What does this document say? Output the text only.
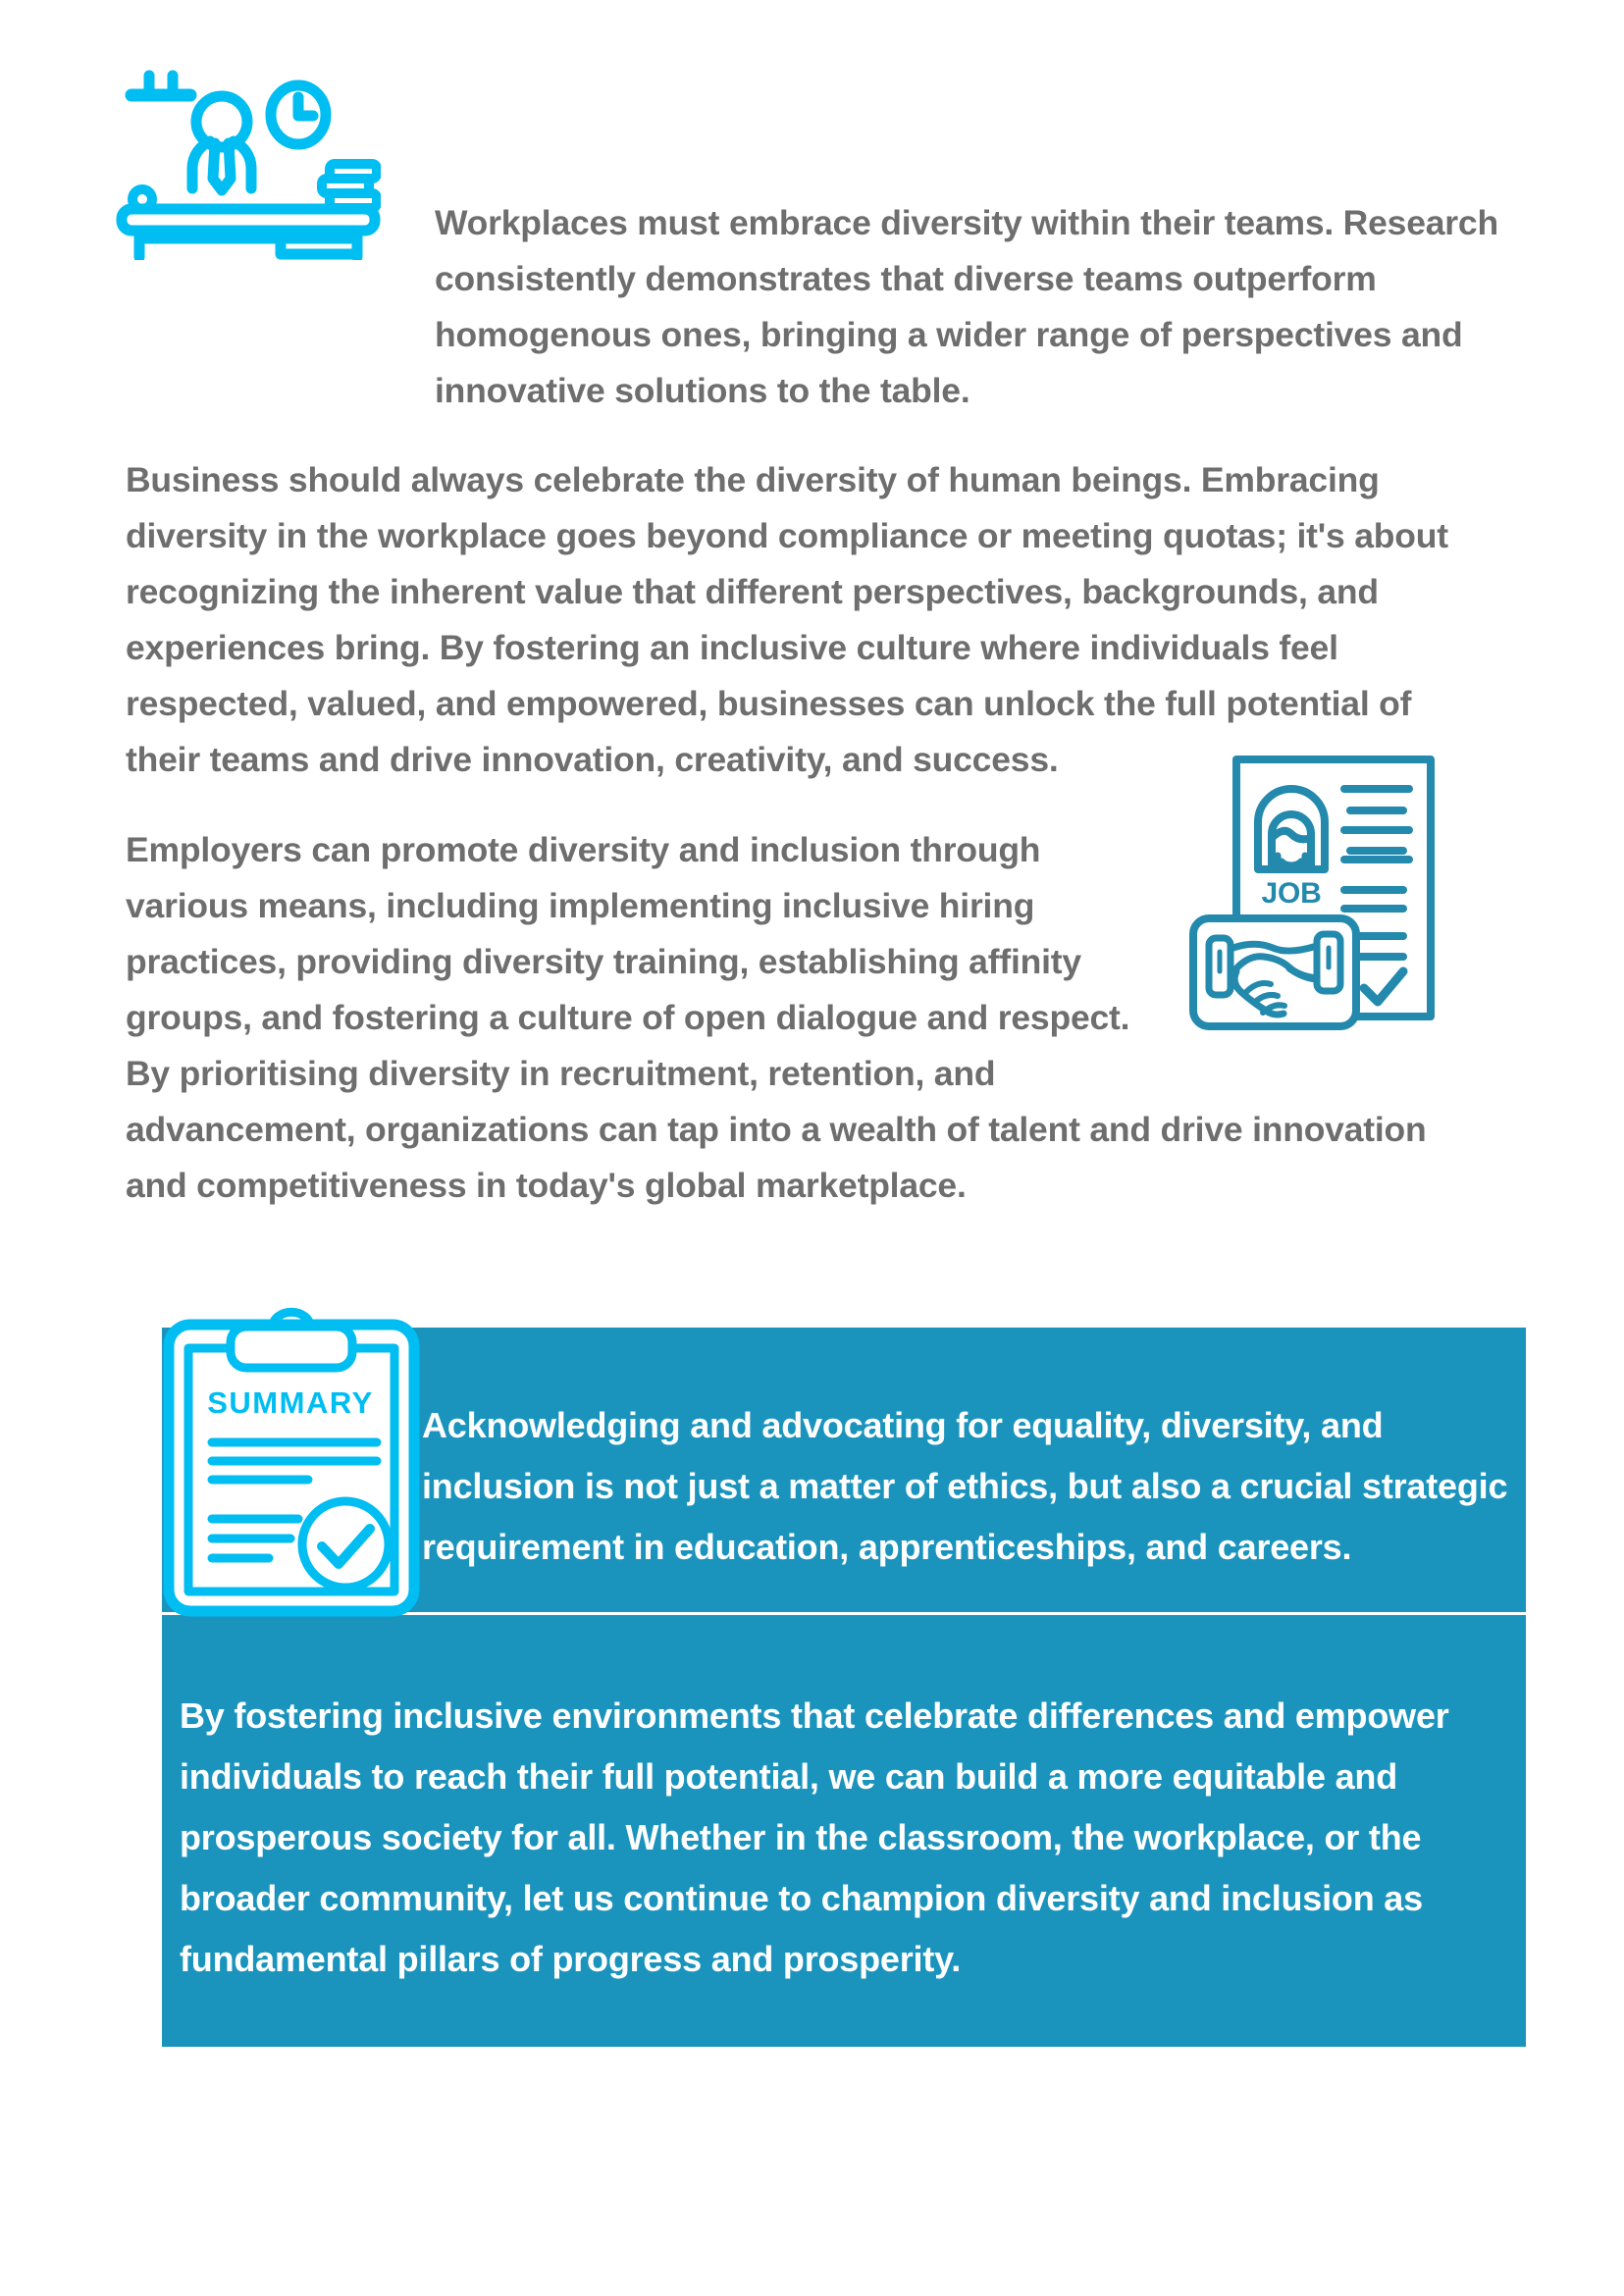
Workplaces must embrace diversity within their teams. Research consistently demonstrates that diverse teams outperform homogenous ones, bringing a wider range of perspectives and innovative solutions to the table.

Business should always celebrate the diversity of human beings. Embracing diversity in the workplace goes beyond compliance or meeting quotas; it's about recognizing the inherent value that different perspectives, backgrounds, and experiences bring. By fostering an inclusive culture where individuals feel respected, valued, and empowered, businesses can unlock the full potential of their teams and drive innovation, creativity, and success.

JOB
Employers can promote diversity and inclusion through various means, including implementing inclusive hiring practices, providing diversity training, establishing affinity groups, and fostering a culture of open dialogue and respect. By prioritising diversity in recruitment, retention, and advancement, organizations can tap into a wealth of talent and drive innovation and competitiveness in today's global marketplace.

Acknowledging and advocating for equality, diversity, and inclusion is not just a matter of ethics, but also a crucial strategic requirement in education, apprenticeships, and careers.

By fostering inclusive environments that celebrate differences and empower individuals to reach their full potential, we can build a more equitable and prosperous society for all. Whether in the classroom, the workplace, or the broader community, let us continue to champion diversity and inclusion as fundamental pillars of progress and prosperity.

SUMMARY
